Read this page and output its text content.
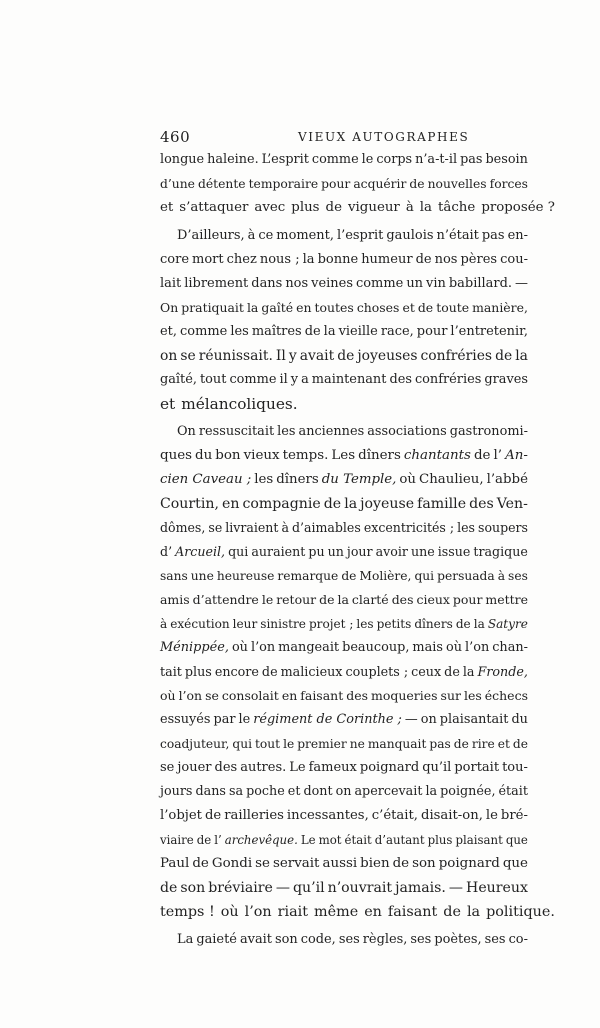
460	VIEUX AUTOGRAPHES
longue haleine. L’esprit comme le corps n’a-t-il pas besoin
d’une détente temporaire pour acquérir de nouvelles forces
et s’attaquer avec plus de vigueur à la tâche proposée ?
D’ailleurs, à ce moment, l’esprit gaulois n’était pas en-
core mort chez nous ; la bonne humeur de nos pères cou-
lait librement dans nos veines comme un vin babillard. —
On pratiquait la gaîté en toutes choses et de toute manière,
et, comme les maîtres de la vieille race, pour l’entretenir,
on se réunissait. Il y avait de joyeuses confréries de la
gaîté, tout comme il y a maintenant des confréries graves
et mélancoliques.
On ressuscitait les anciennes associations gastronomi-
ques du bon vieux temps. Les dîners chantants de l’ An-
cien Caveau ; les dîners du Temple, où Chaulieu, l’abbé
Courtin, en compagnie de la joyeuse famille des Ven-
dômes, se livraient à d’aimables excentricités ; les soupers
d’ Arcueil, qui auraient pu un jour avoir une issue tragique
sans une heureuse remarque de Molière, qui persuada à ses
amis d’attendre le retour de la clarté des cieux pour mettre
à exécution leur sinistre projet ; les petits dîners de la Satyre
Ménippée, où l’on mangeait beaucoup, mais où l’on chan-
tait plus encore de malicieux couplets ; ceux de la Fronde,
où l’on se consolait en faisant des moqueries sur les échecs
essuyés par le régiment de Corinthe ; — on plaisantait du
coadjuteur, qui tout le premier ne manquait pas de rire et de
se jouer des autres. Le fameux poignard qu’il portait tou-
jours dans sa poche et dont on apercevait la poignée, était
l’objet de railleries incessantes, c’était, disait-on, le bré-
viaire de l’ archevêque. Le mot était d’autant plus plaisant que
Paul de Gondi se servait aussi bien de son poignard que
de son bréviaire — qu’il n’ouvrait jamais. — Heureux
temps ! où l’on riait même en faisant de la politique.
La gaieté avait son code, ses règles, ses poètes, ses co-
